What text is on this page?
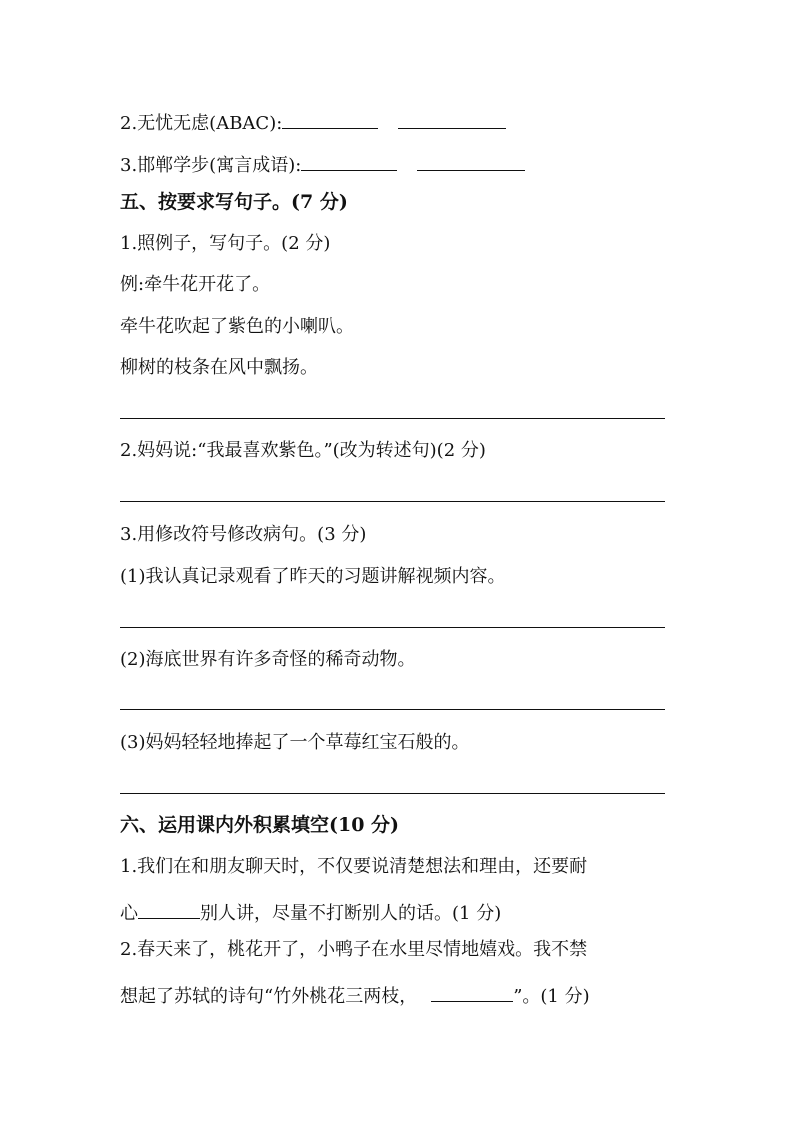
2.无忧无虑(ABAC):
3.邯郸学步(寓言成语):
五、按要求写句子。(7 分)
1.照例子，写句子。(2 分)
例:牵牛花开花了。
牵牛花吹起了紫色的小喇叭。
柳树的枝条在风中飘扬。
2.妈妈说:“我最喜欢紫色。”(改为转述句)(2 分)
3.用修改符号修改病句。(3 分)
(1)我认真记录观看了昨天的习题讲解视频内容。
(2)海底世界有许多奇怪的稀奇动物。
(3)妈妈轻轻地捧起了一个草莓红宝石般的。
六、运用课内外积累填空(10 分)
1.我们在和朋友聊天时，不仅要说清楚想法和理由，还要耐
心	别人讲，尽量不打断别人的话。(1 分)
2.春天来了，桃花开了，小鸭子在水里尽情地嬉戏。我不禁
想起了苏轼的诗句“竹外桃花三两枝，	”。(1 分)
